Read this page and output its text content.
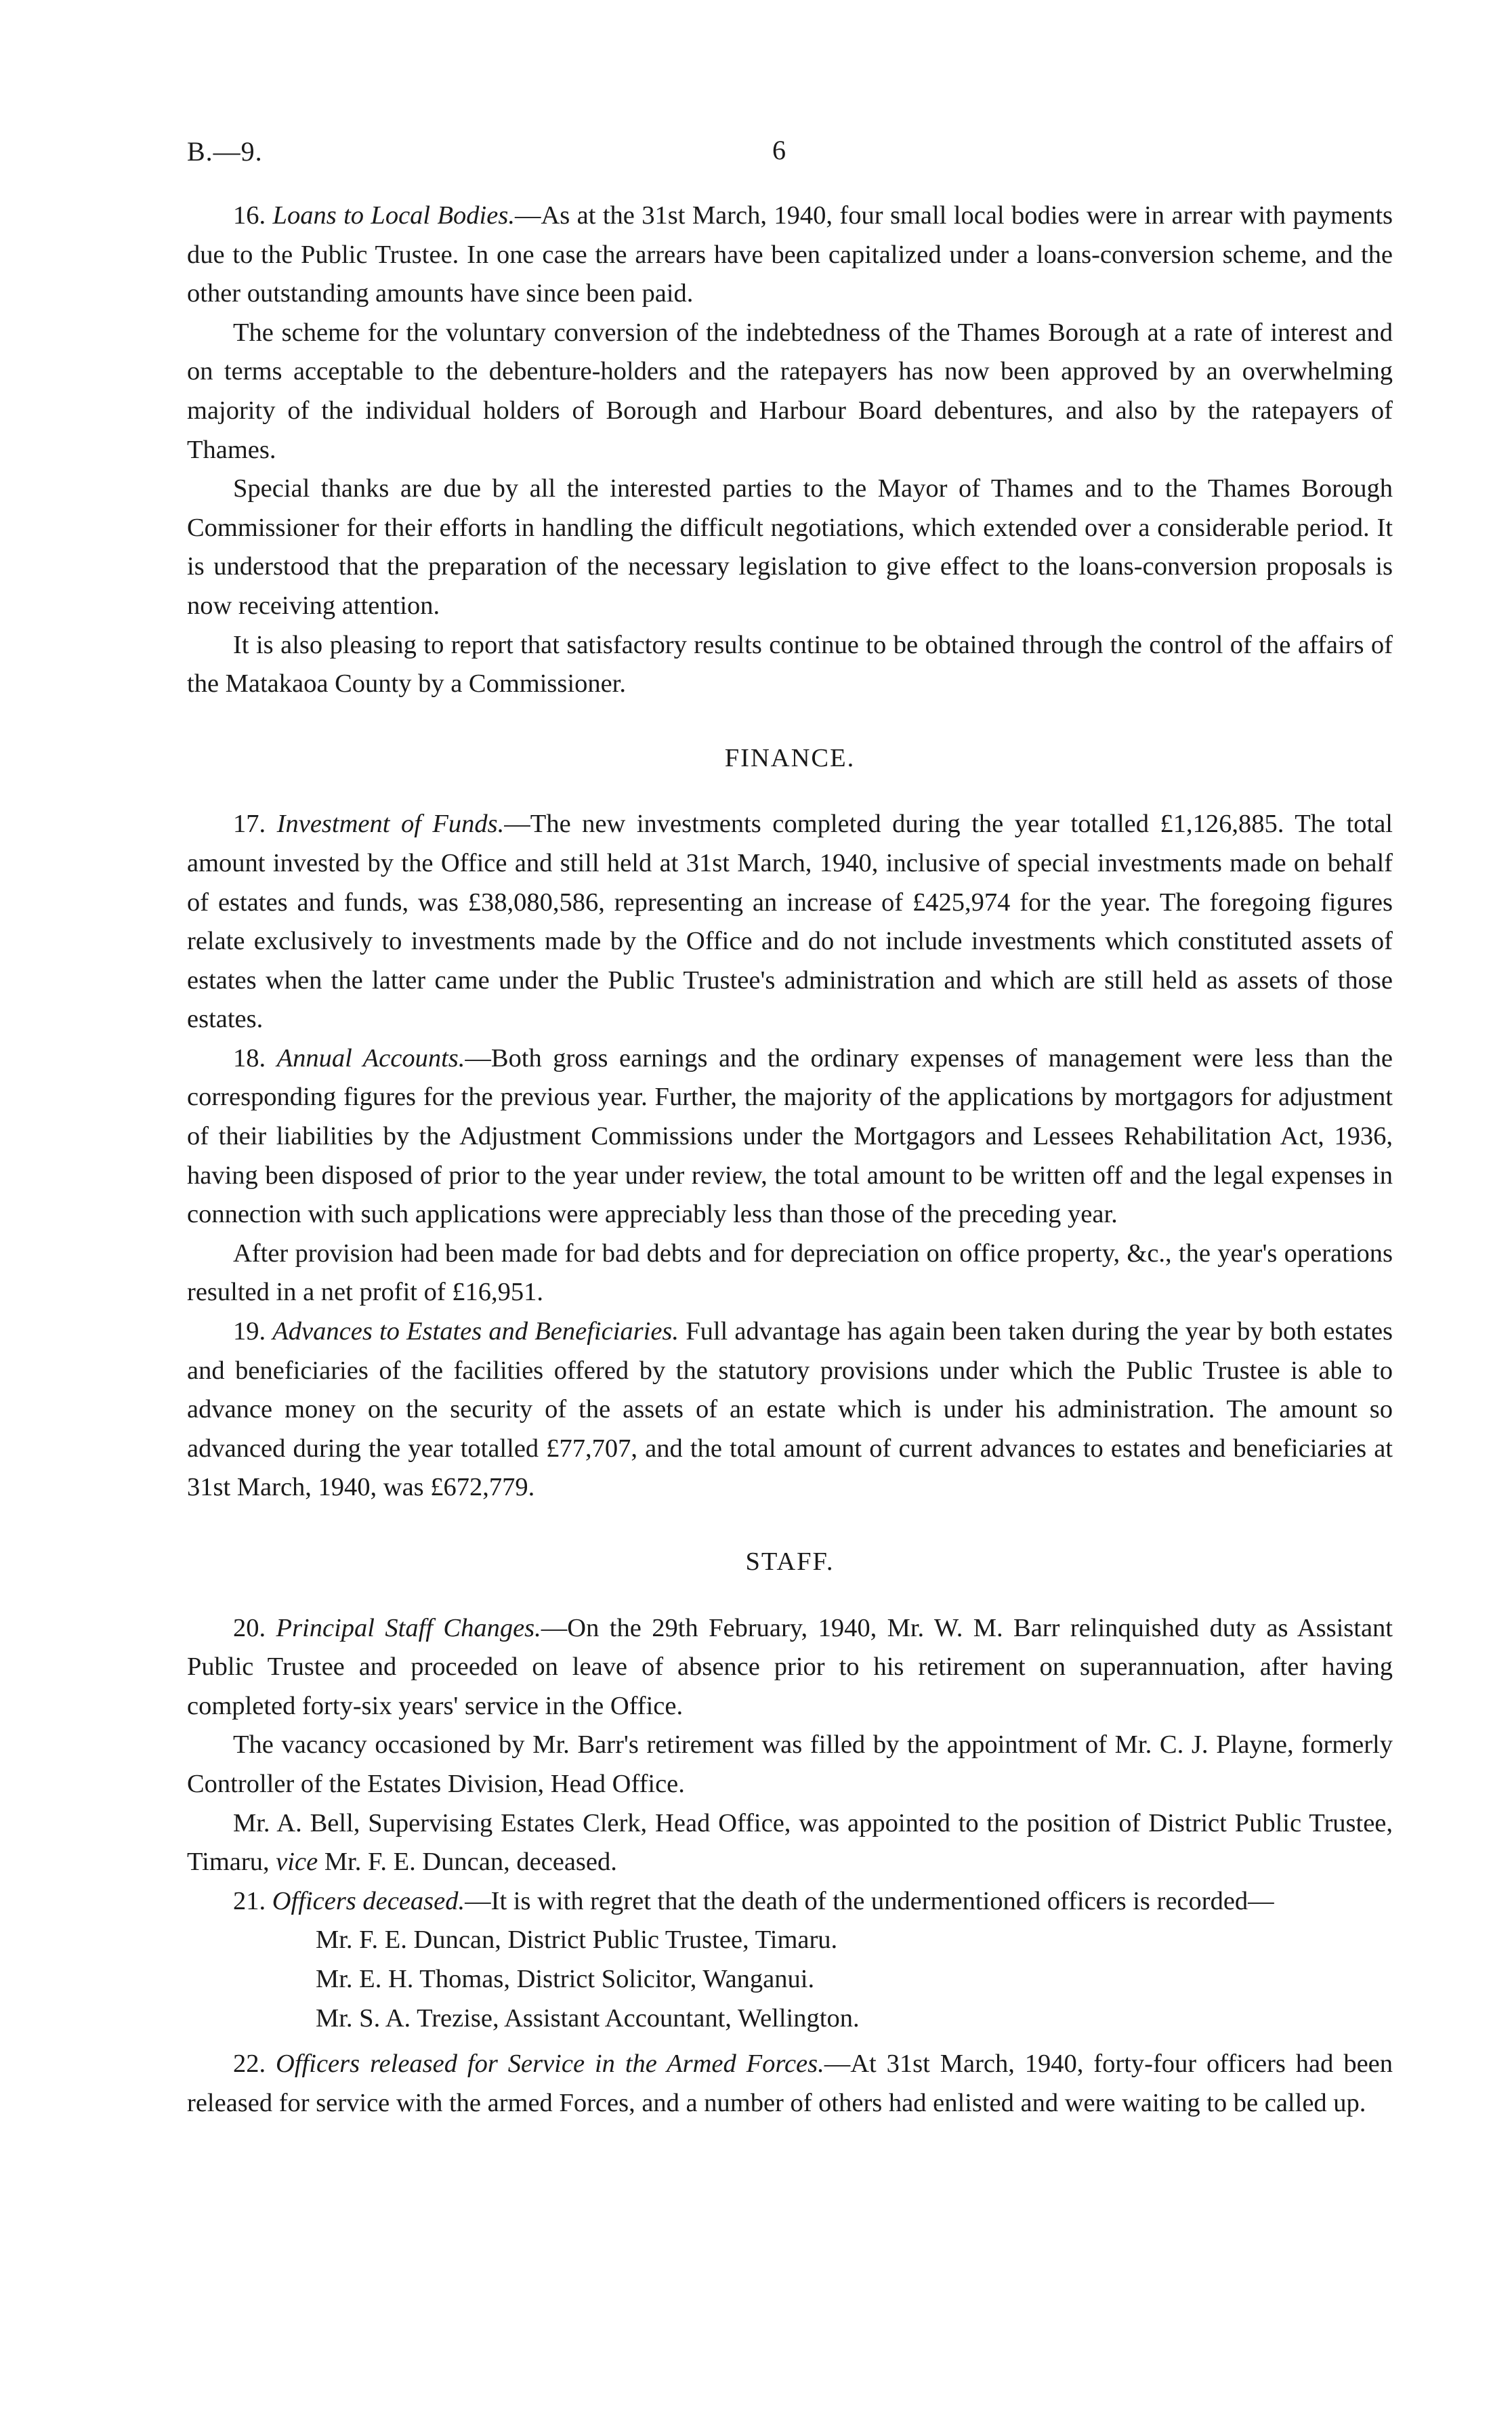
B.—9.	6

16. Loans to Local Bodies.—As at the 31st March, 1940, four small local bodies were in arrear with payments due to the Public Trustee. In one case the arrears have been capitalized under a loans-conversion scheme, and the other outstanding amounts have since been paid.

The scheme for the voluntary conversion of the indebtedness of the Thames Borough at a rate of interest and on terms acceptable to the debenture-holders and the ratepayers has now been approved by an overwhelming majority of the individual holders of Borough and Harbour Board debentures, and also by the ratepayers of Thames.

Special thanks are due by all the interested parties to the Mayor of Thames and to the Thames Borough Commissioner for their efforts in handling the difficult negotiations, which extended over a considerable period. It is understood that the preparation of the necessary legislation to give effect to the loans-conversion proposals is now receiving attention.

It is also pleasing to report that satisfactory results continue to be obtained through the control of the affairs of the Matakaoa County by a Commissioner.

FINANCE.

17. Investment of Funds.—The new investments completed during the year totalled £1,126,885. The total amount invested by the Office and still held at 31st March, 1940, inclusive of special investments made on behalf of estates and funds, was £38,080,586, representing an increase of £425,974 for the year. The foregoing figures relate exclusively to investments made by the Office and do not include investments which constituted assets of estates when the latter came under the Public Trustee's administration and which are still held as assets of those estates.

18. Annual Accounts.—Both gross earnings and the ordinary expenses of management were less than the corresponding figures for the previous year. Further, the majority of the applications by mortgagors for adjustment of their liabilities by the Adjustment Commissions under the Mortgagors and Lessees Rehabilitation Act, 1936, having been disposed of prior to the year under review, the total amount to be written off and the legal expenses in connection with such applications were appreciably less than those of the preceding year.

After provision had been made for bad debts and for depreciation on office property, &c., the year's operations resulted in a net profit of £16,951.

19. Advances to Estates and Beneficiaries. Full advantage has again been taken during the year by both estates and beneficiaries of the facilities offered by the statutory provisions under which the Public Trustee is able to advance money on the security of the assets of an estate which is under his administration. The amount so advanced during the year totalled £77,707, and the total amount of current advances to estates and beneficiaries at 31st March, 1940, was £672,779.

STAFF.

20. Principal Staff Changes.—On the 29th February, 1940, Mr. W. M. Barr relinquished duty as Assistant Public Trustee and proceeded on leave of absence prior to his retirement on superannuation, after having completed forty-six years' service in the Office.

The vacancy occasioned by Mr. Barr's retirement was filled by the appointment of Mr. C. J. Playne, formerly Controller of the Estates Division, Head Office.

Mr. A. Bell, Supervising Estates Clerk, Head Office, was appointed to the position of District Public Trustee, Timaru, vice Mr. F. E. Duncan, deceased.

21. Officers deceased.—It is with regret that the death of the undermentioned officers is recorded—

Mr. F. E. Duncan, District Public Trustee, Timaru.
Mr. E. H. Thomas, District Solicitor, Wanganui.
Mr. S. A. Trezise, Assistant Accountant, Wellington.

22. Officers released for Service in the Armed Forces.—At 31st March, 1940, forty-four officers had been released for service with the armed Forces, and a number of others had enlisted and were waiting to be called up.
